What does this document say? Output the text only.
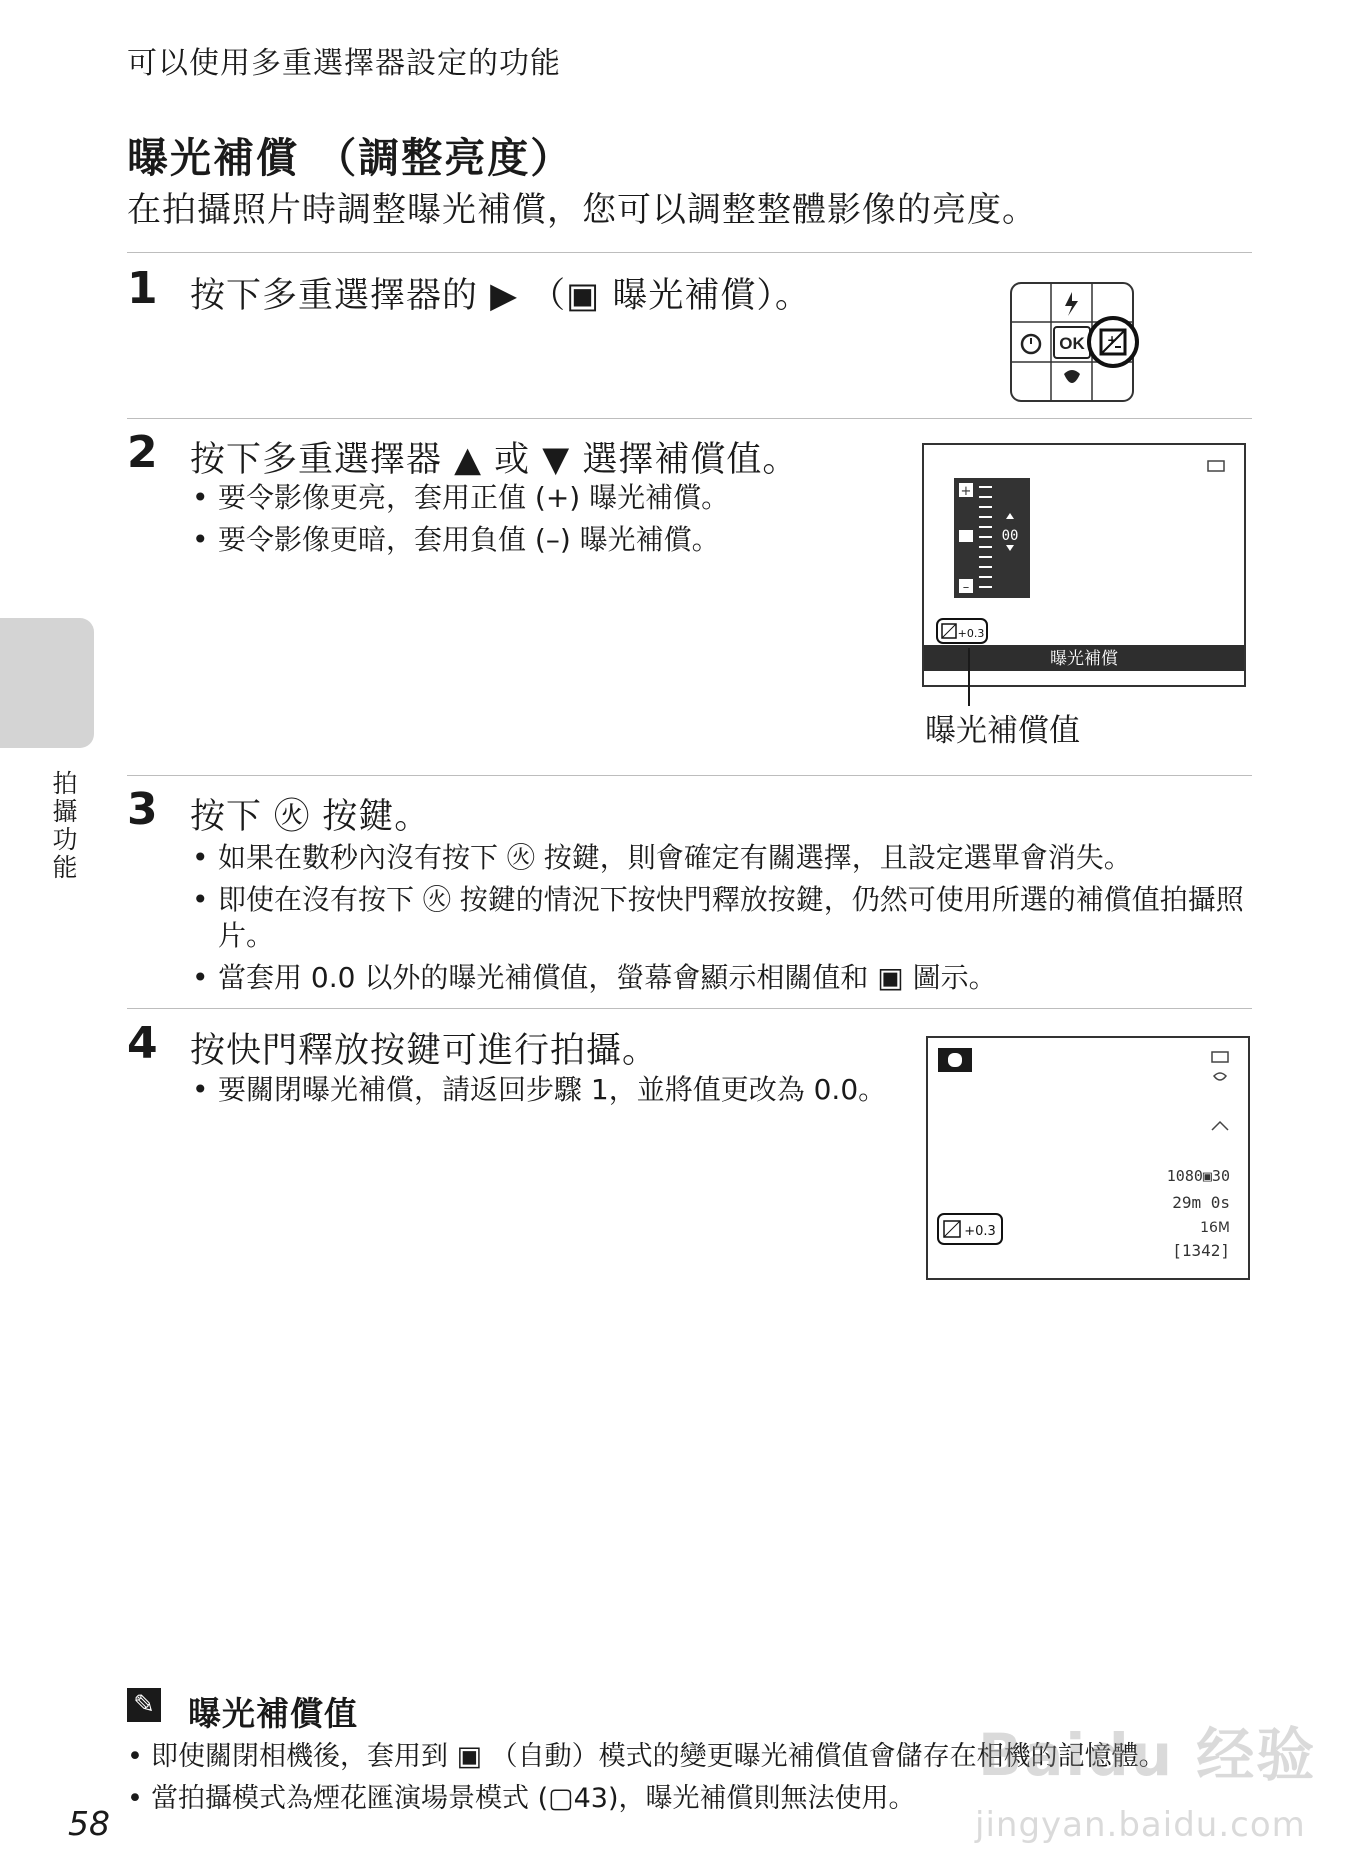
可以使用多重選擇器設定的功能
曝光補償 （調整亮度）
在拍攝照片時調整曝光補償，您可以調整整體影像的亮度。
1 按下多重選擇器的 ▶ （▣ 曝光補償）。
OK +
2 按下多重選擇器 ▲ 或 ▼ 選擇補償值。
• 要令影像更亮，套用正值 (+) 曝光補償。
• 要令影像更暗，套用負值 (–) 曝光補償。
+
–
00
+0.3
曝光補償
曝光補償值
3 按下 ㊋ 按鍵。
• 如果在數秒內沒有按下 ㊋ 按鍵，則會確定有關選擇，且設定選單會消失。
• 即使在沒有按下 ㊋ 按鍵的情況下按快門釋放按鍵，仍然可使用所選的補償值拍攝照片。
• 當套用 0.0 以外的曝光補償值，螢幕會顯示相關值和 ▣ 圖示。
4 按快門釋放按鍵可進行拍攝。
• 要關閉曝光補償，請返回步驟 1，並將值更改為 0.0。
1080▣30
29m 0s
16M
[1342]
+0.3
拍攝功能
✎ 曝光補償值
• 即使關閉相機後，套用到 ▣ （自動）模式的變更曝光補償值會儲存在相機的記憶體。
• 當拍攝模式為煙花匯演場景模式 (▢43)，曝光補償則無法使用。
58
Baidu 经验
jingyan.baidu.com
